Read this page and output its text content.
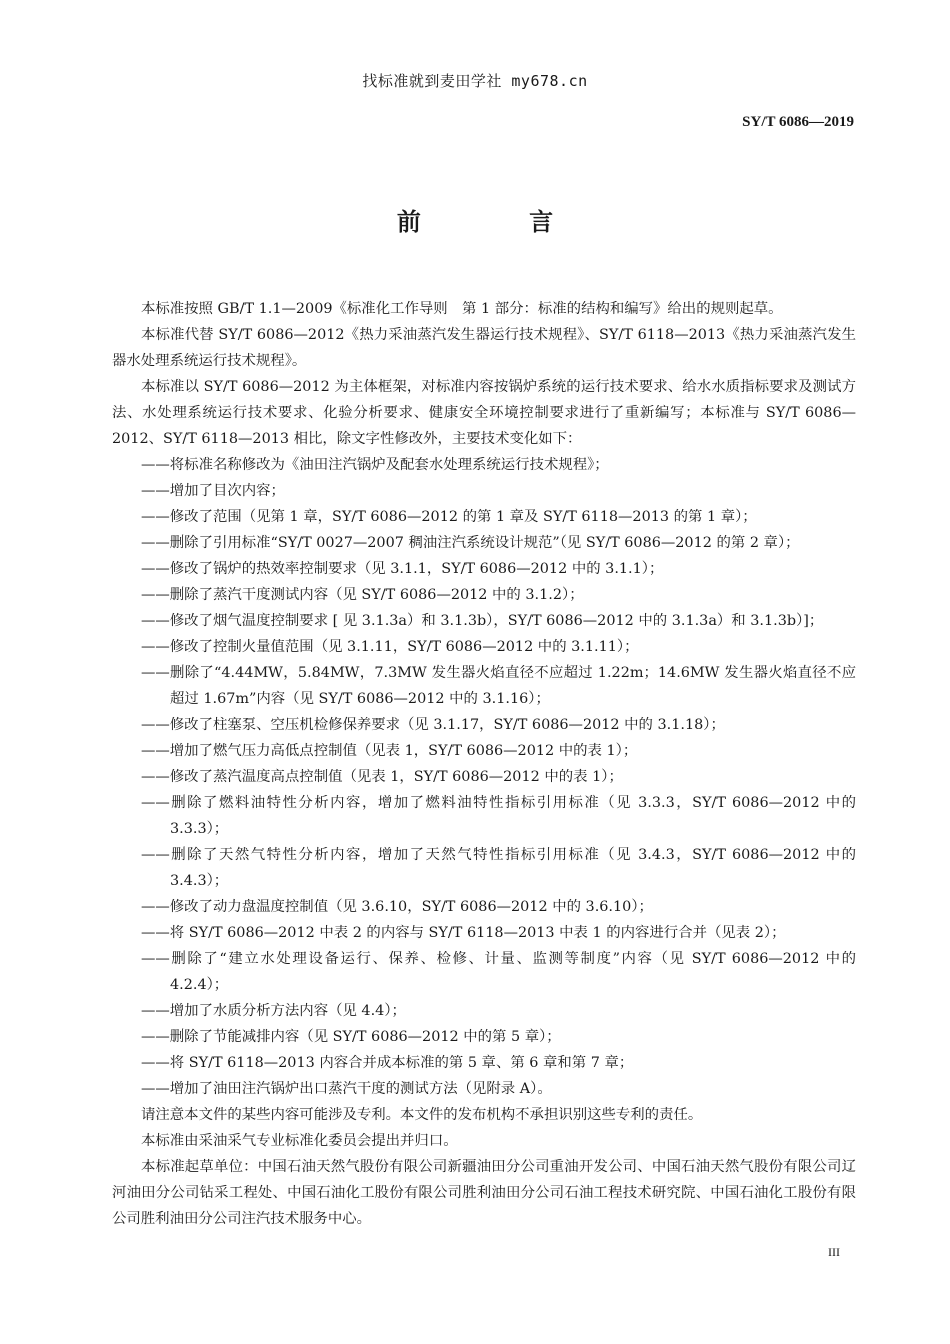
找标准就到麦田学社 my678.cn
SY/T 6086—2019
前 言

本标准按照 GB/T 1.1—2009《标准化工作导则　第 1 部分：标准的结构和编写》给出的规则起草。

本标准代替 SY/T 6086—2012《热力采油蒸汽发生器运行技术规程》、SY/T 6118—2013《热力采油蒸汽发生器水处理系统运行技术规程》。

本标准以 SY/T 6086—2012 为主体框架，对标准内容按锅炉系统的运行技术要求、给水水质指标要求及测试方法、水处理系统运行技术要求、化验分析要求、健康安全环境控制要求进行了重新编写；本标准与 SY/T 6086—2012、SY/T 6118—2013 相比，除文字性修改外，主要技术变化如下：

——将标准名称修改为《油田注汽锅炉及配套水处理系统运行技术规程》；

——增加了目次内容；

——修改了范围（见第 1 章，SY/T 6086—2012 的第 1 章及 SY/T 6118—2013 的第 1 章）；

——删除了引用标准“SY/T 0027—2007 稠油注汽系统设计规范”（见 SY/T 6086—2012 的第 2 章）；

——修改了锅炉的热效率控制要求（见 3.1.1，SY/T 6086—2012 中的 3.1.1）；

——删除了蒸汽干度测试内容（见 SY/T 6086—2012 中的 3.1.2）；

——修改了烟气温度控制要求 [ 见 3.1.3a）和 3.1.3b），SY/T 6086—2012 中的 3.1.3a）和 3.1.3b）]；

——修改了控制火量值范围（见 3.1.11，SY/T 6086—2012 中的 3.1.11）；

——删除了“4.44MW，5.84MW，7.3MW 发生器火焰直径不应超过 1.22m；14.6MW 发生器火焰直径不应超过 1.67m”内容（见 SY/T 6086—2012 中的 3.1.16）；

——修改了柱塞泵、空压机检修保养要求（见 3.1.17，SY/T 6086—2012 中的 3.1.18）；

——增加了燃气压力高低点控制值（见表 1，SY/T 6086—2012 中的表 1）；

——修改了蒸汽温度高点控制值（见表 1，SY/T 6086—2012 中的表 1）；

——删除了燃料油特性分析内容，增加了燃料油特性指标引用标准（见 3.3.3，SY/T 6086—2012 中的 3.3.3）；

——删除了天然气特性分析内容，增加了天然气特性指标引用标准（见 3.4.3，SY/T 6086—2012 中的 3.4.3）；

——修改了动力盘温度控制值（见 3.6.10，SY/T 6086—2012 中的 3.6.10）；

——将 SY/T 6086—2012 中表 2 的内容与 SY/T 6118—2013 中表 1 的内容进行合并（见表 2）；

——删除了“建立水处理设备运行、保养、检修、计量、监测等制度”内容（见 SY/T 6086—2012 中的 4.2.4）；

——增加了水质分析方法内容（见 4.4）；

——删除了节能减排内容（见 SY/T 6086—2012 中的第 5 章）；

——将 SY/T 6118—2013 内容合并成本标准的第 5 章、第 6 章和第 7 章；

——增加了油田注汽锅炉出口蒸汽干度的测试方法（见附录 A）。

请注意本文件的某些内容可能涉及专利。本文件的发布机构不承担识别这些专利的责任。

本标准由采油采气专业标准化委员会提出并归口。

本标准起草单位：中国石油天然气股份有限公司新疆油田分公司重油开发公司、中国石油天然气股份有限公司辽河油田分公司钻采工程处、中国石油化工股份有限公司胜利油田分公司石油工程技术研究院、中国石油化工股份有限公司胜利油田分公司注汽技术服务中心。

III
